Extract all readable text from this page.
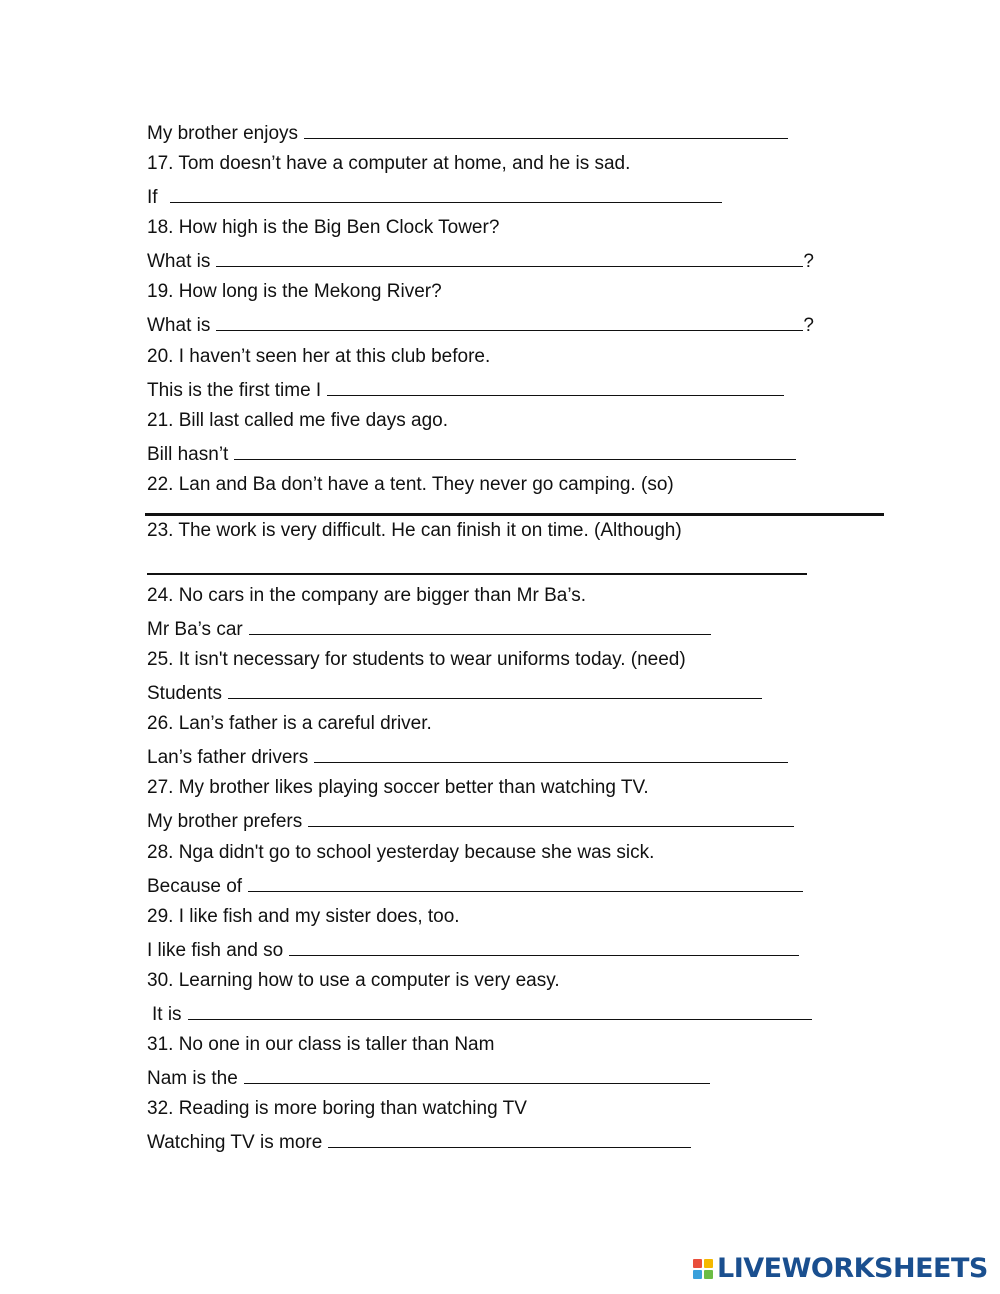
My brother enjoys
17. Tom doesn’t have a computer at home, and he is sad.
If
18. How high is the Big Ben Clock Tower?
What is	?
19. How long is the Mekong River?
What is	?
20. I haven’t seen her at this club before.
This is the first time I
21. Bill last called me five days ago.
Bill hasn’t
22. Lan and Ba don’t have a tent. They never go camping. (so)
23. The work is very difficult. He can finish it on time. (Although)
24. No cars in the company are bigger than Mr Ba’s.
Mr Ba’s car
25. It isn't necessary for students to wear uniforms today. (need)
Students
26. Lan’s father is a careful driver.
Lan’s father drivers
27. My brother likes playing soccer better than watching TV.
My brother prefers
28. Nga didn't go to school yesterday because she was sick.
Because of
29. I like fish and my sister does, too.
I like fish and so
30. Learning how to use a computer is very easy.
It is
31. No one in our class is taller than Nam
Nam is the
32. Reading is more boring than watching TV
Watching TV is more
LIVEWORKSHEETS
